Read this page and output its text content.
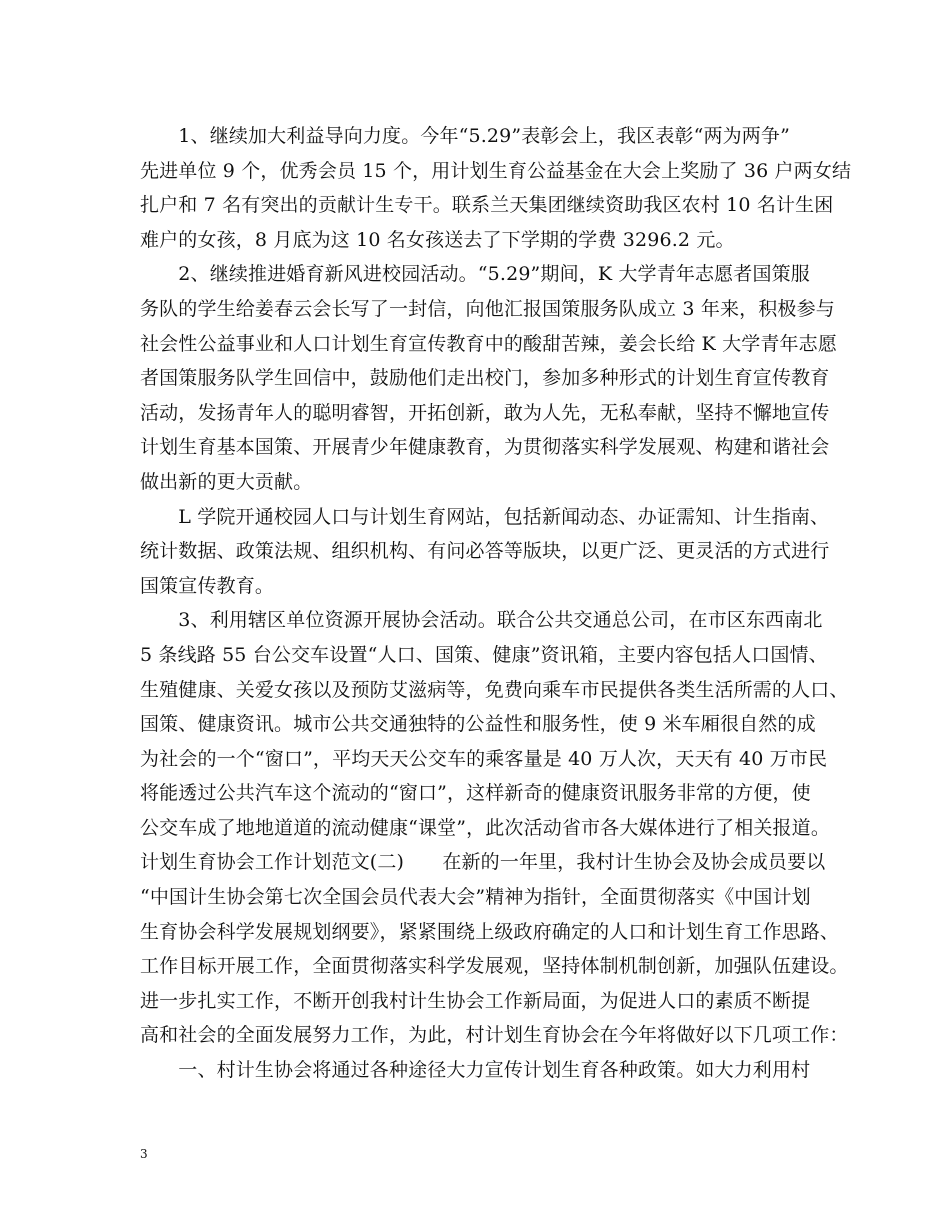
　　1、继续加大利益导向力度。今年“5.29”表彰会上，我区表彰“两为两争”
先进单位 9 个，优秀会员 15 个，用计划生育公益基金在大会上奖励了 36 户两女结
扎户和 7 名有突出的贡献计生专干。联系兰天集团继续资助我区农村 10 名计生困
难户的女孩，8 月底为这 10 名女孩送去了下学期的学费 3296.2 元。
　　2、继续推进婚育新风进校园活动。“5.29”期间，K 大学青年志愿者国策服
务队的学生给姜春云会长写了一封信，向他汇报国策服务队成立 3 年来，积极参与
社会性公益事业和人口计划生育宣传教育中的酸甜苦辣，姜会长给 K 大学青年志愿
者国策服务队学生回信中，鼓励他们走出校门，参加多种形式的计划生育宣传教育
活动，发扬青年人的聪明睿智，开拓创新，敢为人先，无私奉献，坚持不懈地宣传
计划生育基本国策、开展青少年健康教育，为贯彻落实科学发展观、构建和谐社会
做出新的更大贡献。
　　L 学院开通校园人口与计划生育网站，包括新闻动态、办证需知、计生指南、
统计数据、政策法规、组织机构、有问必答等版块，以更广泛、更灵活的方式进行
国策宣传教育。
　　3、利用辖区单位资源开展协会活动。联合公共交通总公司，在市区东西南北
5 条线路 55 台公交车设置“人口、国策、健康”资讯箱，主要内容包括人口国情、
生殖健康、关爱女孩以及预防艾滋病等，免费向乘车市民提供各类生活所需的人口、
国策、健康资讯。城市公共交通独特的公益性和服务性，使 9 米车厢很自然的成
为社会的一个“窗口”，平均天天公交车的乘客量是 40 万人次，天天有 40 万市民
将能透过公共汽车这个流动的“窗口”，这样新奇的健康资讯服务非常的方便，使
公交车成了地地道道的流动健康“课堂”，此次活动省市各大媒体进行了相关报道。
计划生育协会工作计划范文(二)　　在新的一年里，我村计生协会及协会成员要以
“中国计生协会第七次全国会员代表大会”精神为指针，全面贯彻落实《中国计划
生育协会科学发展规划纲要》，紧紧围绕上级政府确定的人口和计划生育工作思路、
工作目标开展工作，全面贯彻落实科学发展观，坚持体制机制创新，加强队伍建设。
进一步扎实工作，不断开创我村计生协会工作新局面，为促进人口的素质不断提
高和社会的全面发展努力工作，为此，村计划生育协会在今年将做好以下几项工作：
　　一、村计生协会将通过各种途径大力宣传计划生育各种政策。如大力利用村
3
